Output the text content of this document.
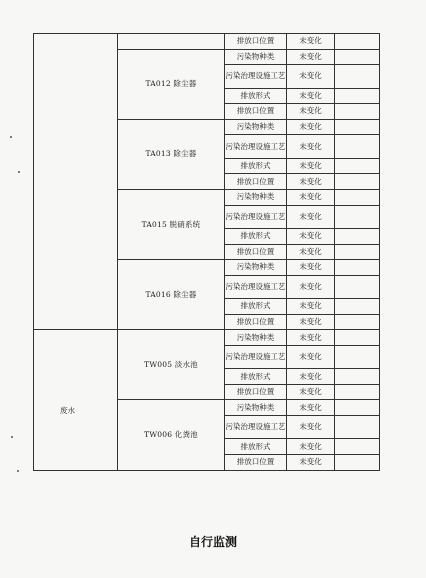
		排放口位置	未变化	
	TA012 除尘器	污染物种类	未变化	
		污染治理设施工艺	未变化	
		排放形式	未变化	
		排放口位置	未变化	
	TA013 除尘器	污染物种类	未变化	
		污染治理设施工艺	未变化	
		排放形式	未变化	
		排放口位置	未变化	
	TA015 脱硝系统	污染物种类	未变化	
		污染治理设施工艺	未变化	
		排放形式	未变化	
		排放口位置	未变化	
	TA016 除尘器	污染物种类	未变化	
		污染治理设施工艺	未变化	
		排放形式	未变化	
		排放口位置	未变化	
废水	TW005 淡水池	污染物种类	未变化	
		污染治理设施工艺	未变化	
		排放形式	未变化	
		排放口位置	未变化	
	TW006 化粪池	污染物种类	未变化	
		污染治理设施工艺	未变化	
		排放形式	未变化	
		排放口位置	未变化	
自行监测
